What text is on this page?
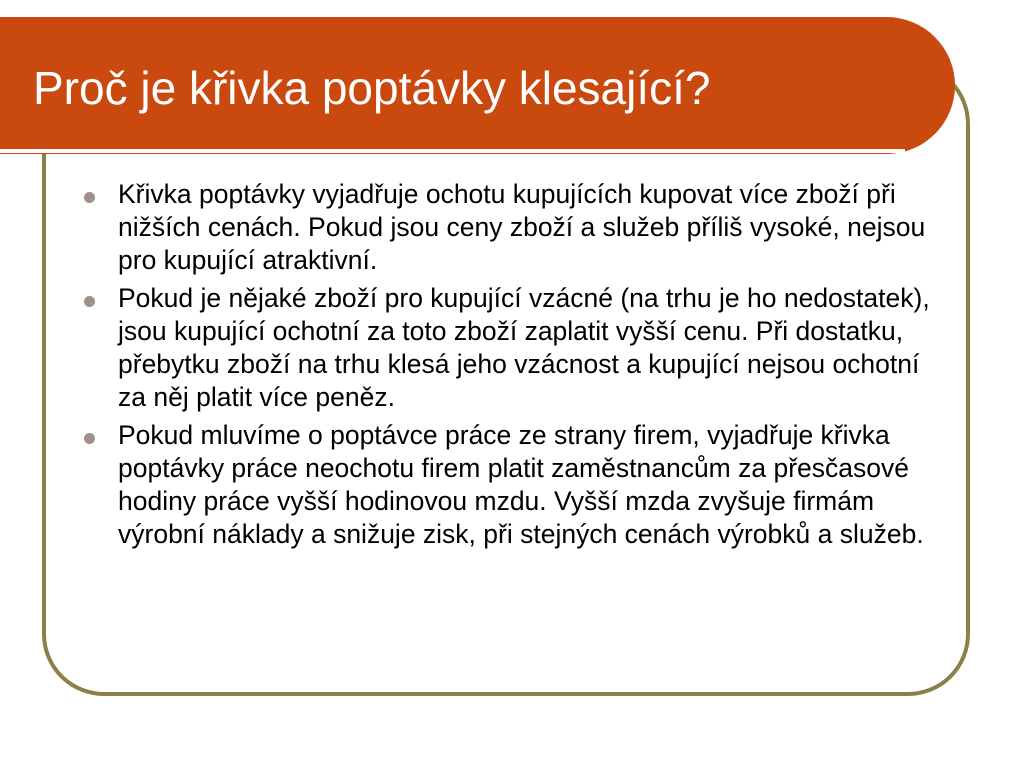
Proč je křivka poptávky klesající?
Křivka poptávky vyjadřuje ochotu kupujících kupovat více zboží při nižších cenách. Pokud jsou ceny zboží a služeb příliš vysoké, nejsou pro kupující atraktivní.
Pokud je nějaké zboží pro kupující vzácné (na trhu je ho nedostatek), jsou kupující ochotní za toto zboží zaplatit vyšší cenu. Při dostatku, přebytku zboží na trhu klesá jeho vzácnost a kupující nejsou ochotní za něj platit více peněz.
Pokud mluvíme o poptávce práce ze strany firem, vyjadřuje křivka poptávky práce neochotu firem platit zaměstnancům za přesčasové hodiny práce vyšší hodinovou mzdu. Vyšší mzda zvyšuje firmám výrobní náklady a snižuje zisk, při stejných cenách výrobků a služeb.
